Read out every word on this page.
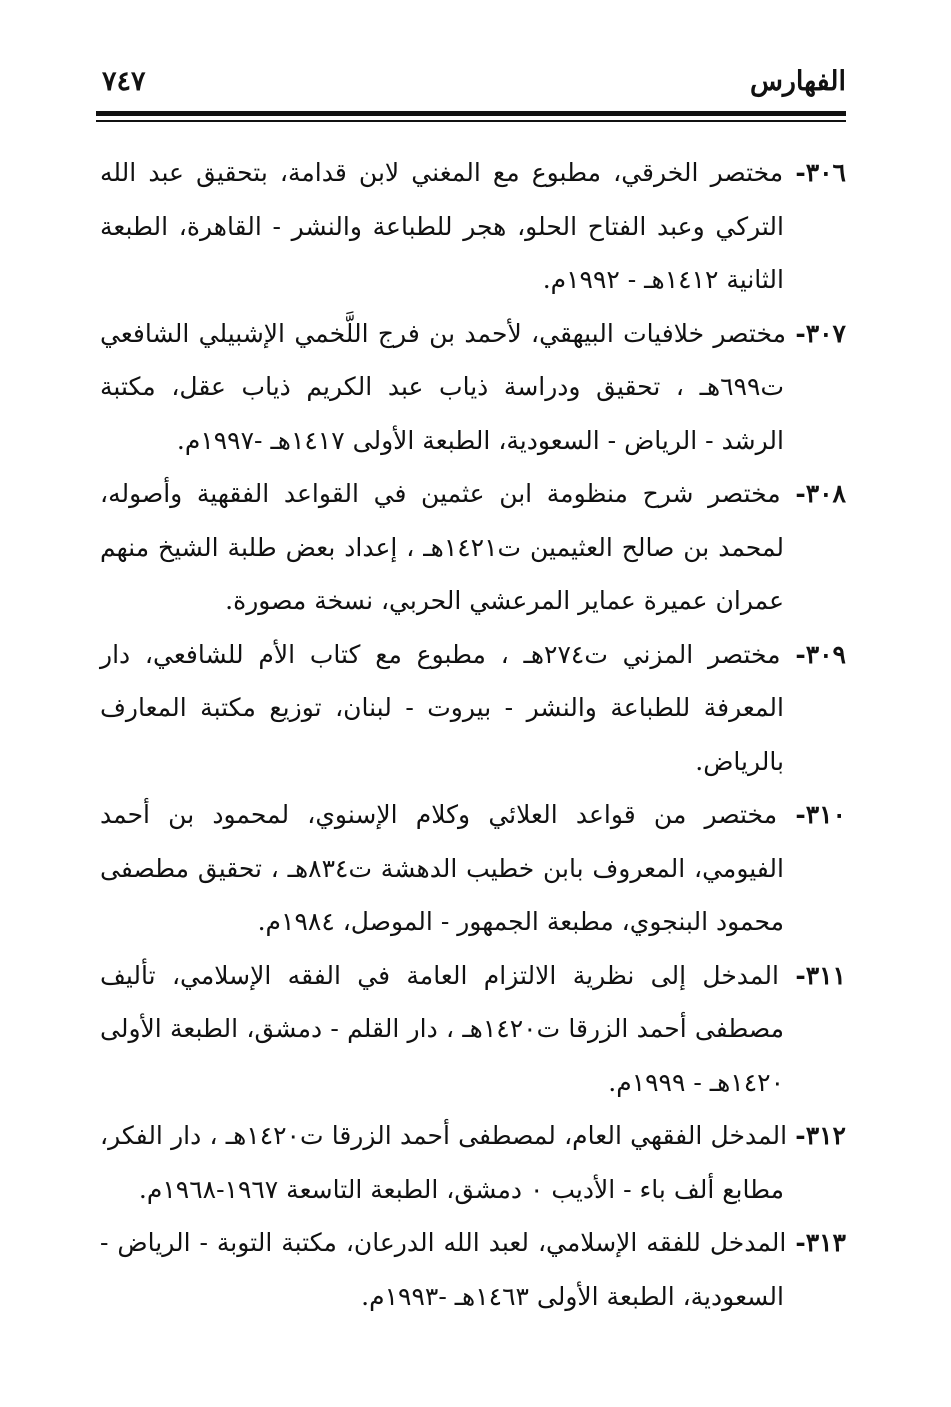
الفهارس
٧٤٧

٣٠٦- مختصر الخرقي، مطبوع مع المغني لابن قدامة، بتحقيق عبد الله التركي وعبد الفتاح الحلو، هجر للطباعة والنشر - القاهرة، الطبعة الثانية ١٤١٢هـ - ١٩٩٢م.

٣٠٧- مختصر خلافيات البيهقي، لأحمد بن فرج اللَّخمي الإشبيلي الشافعي ت٦٩٩هـ ، تحقيق ودراسة ذياب عبد الكريم ذياب عقل، مكتبة الرشد - الرياض - السعودية، الطبعة الأولى ١٤١٧هـ -١٩٩٧م.

٣٠٨- مختصر شرح منظومة ابن عثمين في القواعد الفقهية وأصوله، لمحمد بن صالح العثيمين ت١٤٢١هـ ، إعداد بعض طلبة الشيخ منهم عمران عميرة عماير المرعشي الحربي، نسخة مصورة.

٣٠٩- مختصر المزني ت٢٧٤هـ ، مطبوع مع كتاب الأم للشافعي، دار المعرفة للطباعة والنشر - بيروت - لبنان، توزيع مكتبة المعارف بالرياض.

٣١٠- مختصر من قواعد العلائي وكلام الإسنوي، لمحمود بن أحمد الفيومي، المعروف بابن خطيب الدهشة ت٨٣٤هـ ، تحقيق مطصفى محمود البنجوي، مطبعة الجمهور - الموصل، ١٩٨٤م.

٣١١- المدخل إلى نظرية الالتزام العامة في الفقه الإسلامي، تأليف مصطفى أحمد الزرقا ت١٤٢٠هـ ، دار القلم - دمشق، الطبعة الأولى ١٤٢٠هـ - ١٩٩٩م.

٣١٢- المدخل الفقهي العام، لمصطفى أحمد الزرقا ت١٤٢٠هـ ، دار الفكر، مطابع ألف باء - الأديب ٠ دمشق، الطبعة التاسعة ١٩٦٧-١٩٦٨م.

٣١٣- المدخل للفقه الإسلامي، لعبد الله الدرعان، مكتبة التوبة - الرياض - السعودية، الطبعة الأولى ١٤٦٣هـ -١٩٩٣م.
